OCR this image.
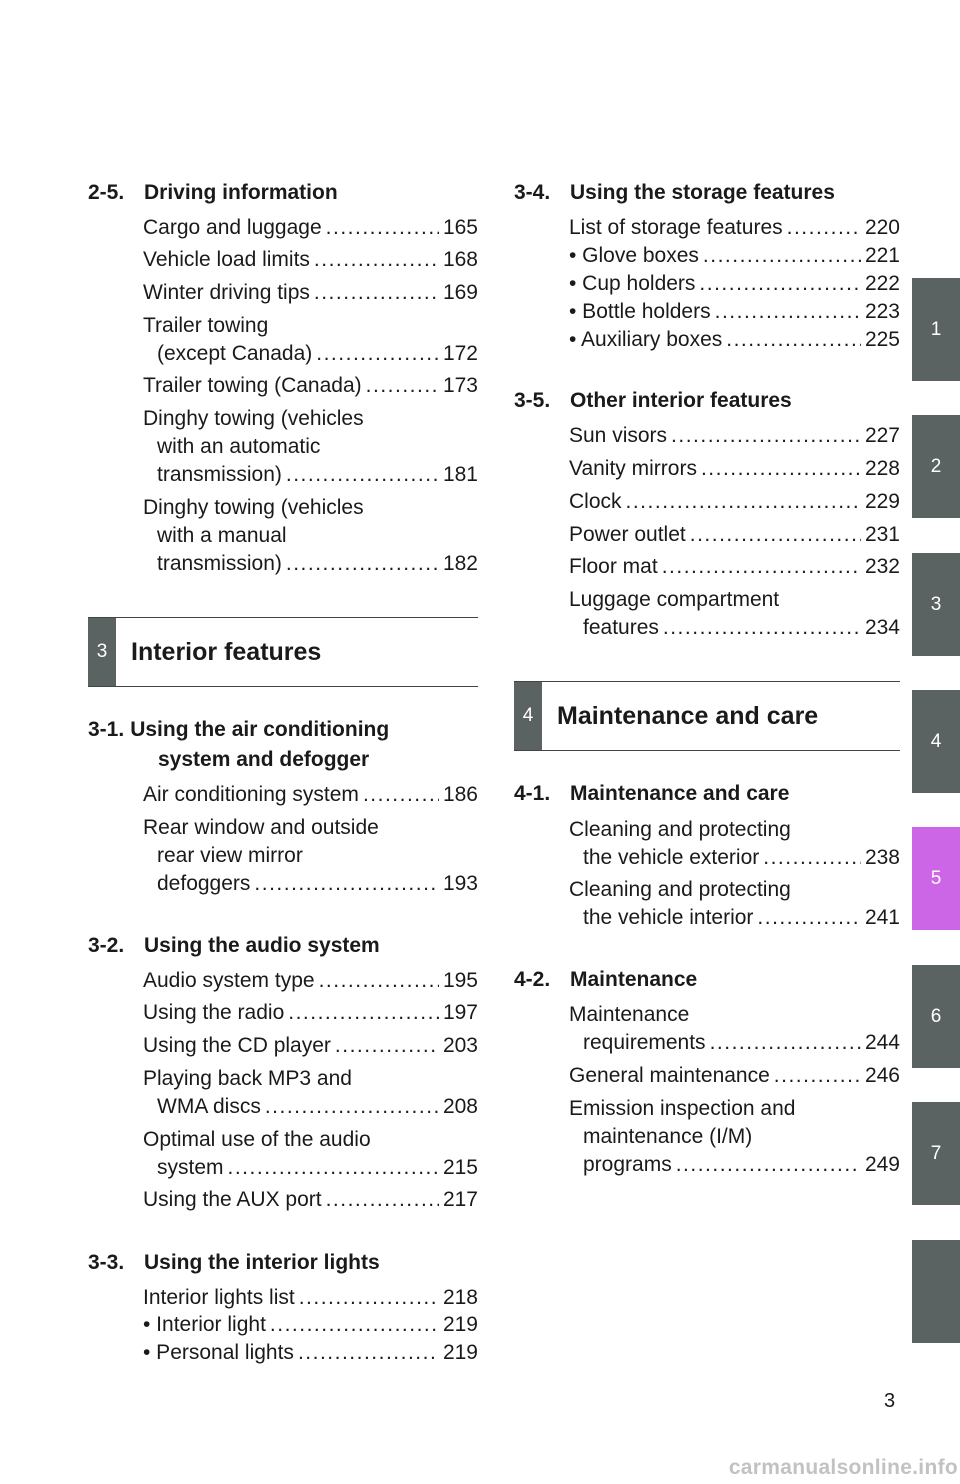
2-5. Driving information
Cargo and luggage .....	165
Vehicle load limits .....	168
Winter driving tips .....	169
Trailer towing
(except Canada) .....	172
Trailer towing (Canada) .....	173
Dinghy towing (vehicles
with an automatic
transmission) .....	181
Dinghy towing (vehicles
with a manual
transmission) .....	182
3 Interior features
3-1. Using the air conditioning
system and defogger
Air conditioning system .....	186
Rear window and outside
rear view mirror
defoggers .....	193
3-2. Using the audio system
Audio system type .....	195
Using the radio .....	197
Using the CD player .....	203
Playing back MP3 and
WMA discs .....	208
Optimal use of the audio
system .....	215
Using the AUX port .....	217
3-3. Using the interior lights
Interior lights list .....	218
• Interior light .....	219
• Personal lights .....	219
3-4. Using the storage features
List of storage features .....	220
• Glove boxes .....	221
• Cup holders .....	222
• Bottle holders .....	223
• Auxiliary boxes .....	225
3-5. Other interior features
Sun visors .....	227
Vanity mirrors .....	228
Clock .....	229
Power outlet .....	231
Floor mat .....	232
Luggage compartment
features .....	234
4 Maintenance and care
4-1. Maintenance and care
Cleaning and protecting
the vehicle exterior .....	238
Cleaning and protecting
the vehicle interior .....	241
4-2. Maintenance
Maintenance
requirements .....	244
General maintenance .....	246
Emission inspection and
maintenance (I/M)
programs .....	249
1
2
3
4
5
6
7
3
carmanualsonline.info
